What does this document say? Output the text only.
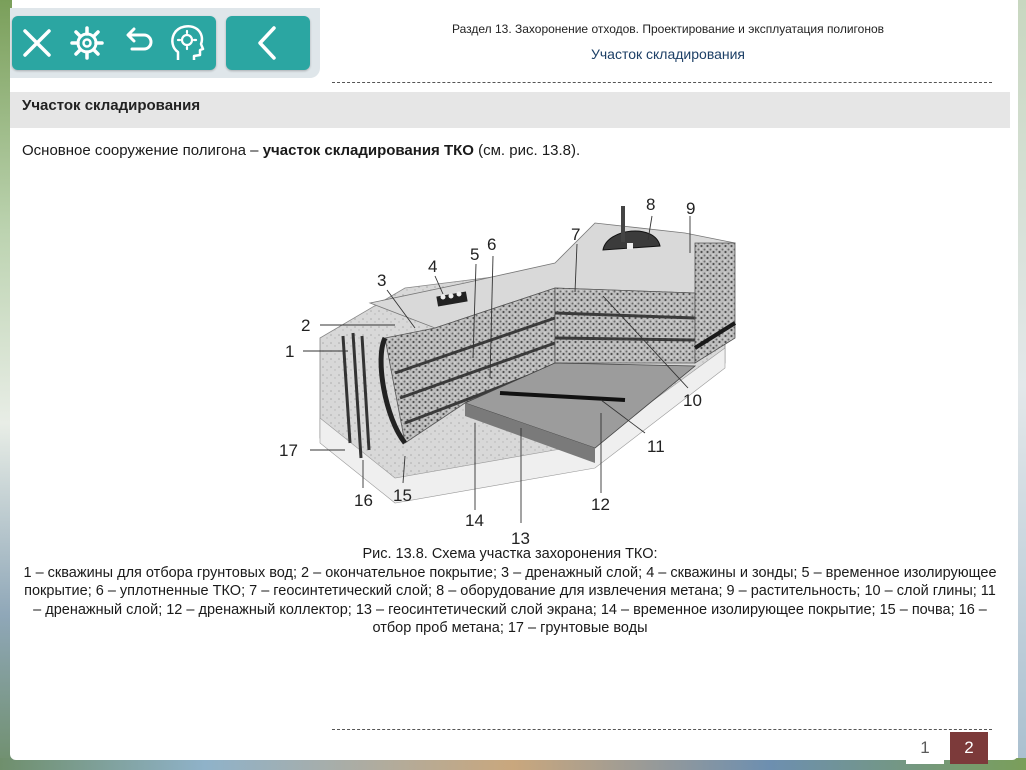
Раздел 13. Захоронение отходов. Проектирование и эксплуатация полигонов
Участок складирования
Участок складирования
Основное сооружение полигона – участок складирования ТКО (см. рис. 13.8).
1
2
3
4
5
6
7
8 9
10
11
12
13
14
15
16
17
Рис. 13.8. Схема участка захоронения ТКО:
1 – скважины для отбора грунтовых вод; 2 – окончательное покрытие; 3 – дренажный слой; 4 – скважины и зонды; 5 – временное изолирующее покрытие; 6 – уплотненные ТКО; 7 – геосинтетический слой; 8 – оборудование для извлечения метана; 9 – растительность; 10 – слой глины; 11 – дренажный слой; 12 – дренажный коллектор; 13 – геосинтетический слой экрана; 14 – временное изолирующее покрытие; 15 – почва; 16 – отбор проб метана; 17 – грунтовые воды
1	2
